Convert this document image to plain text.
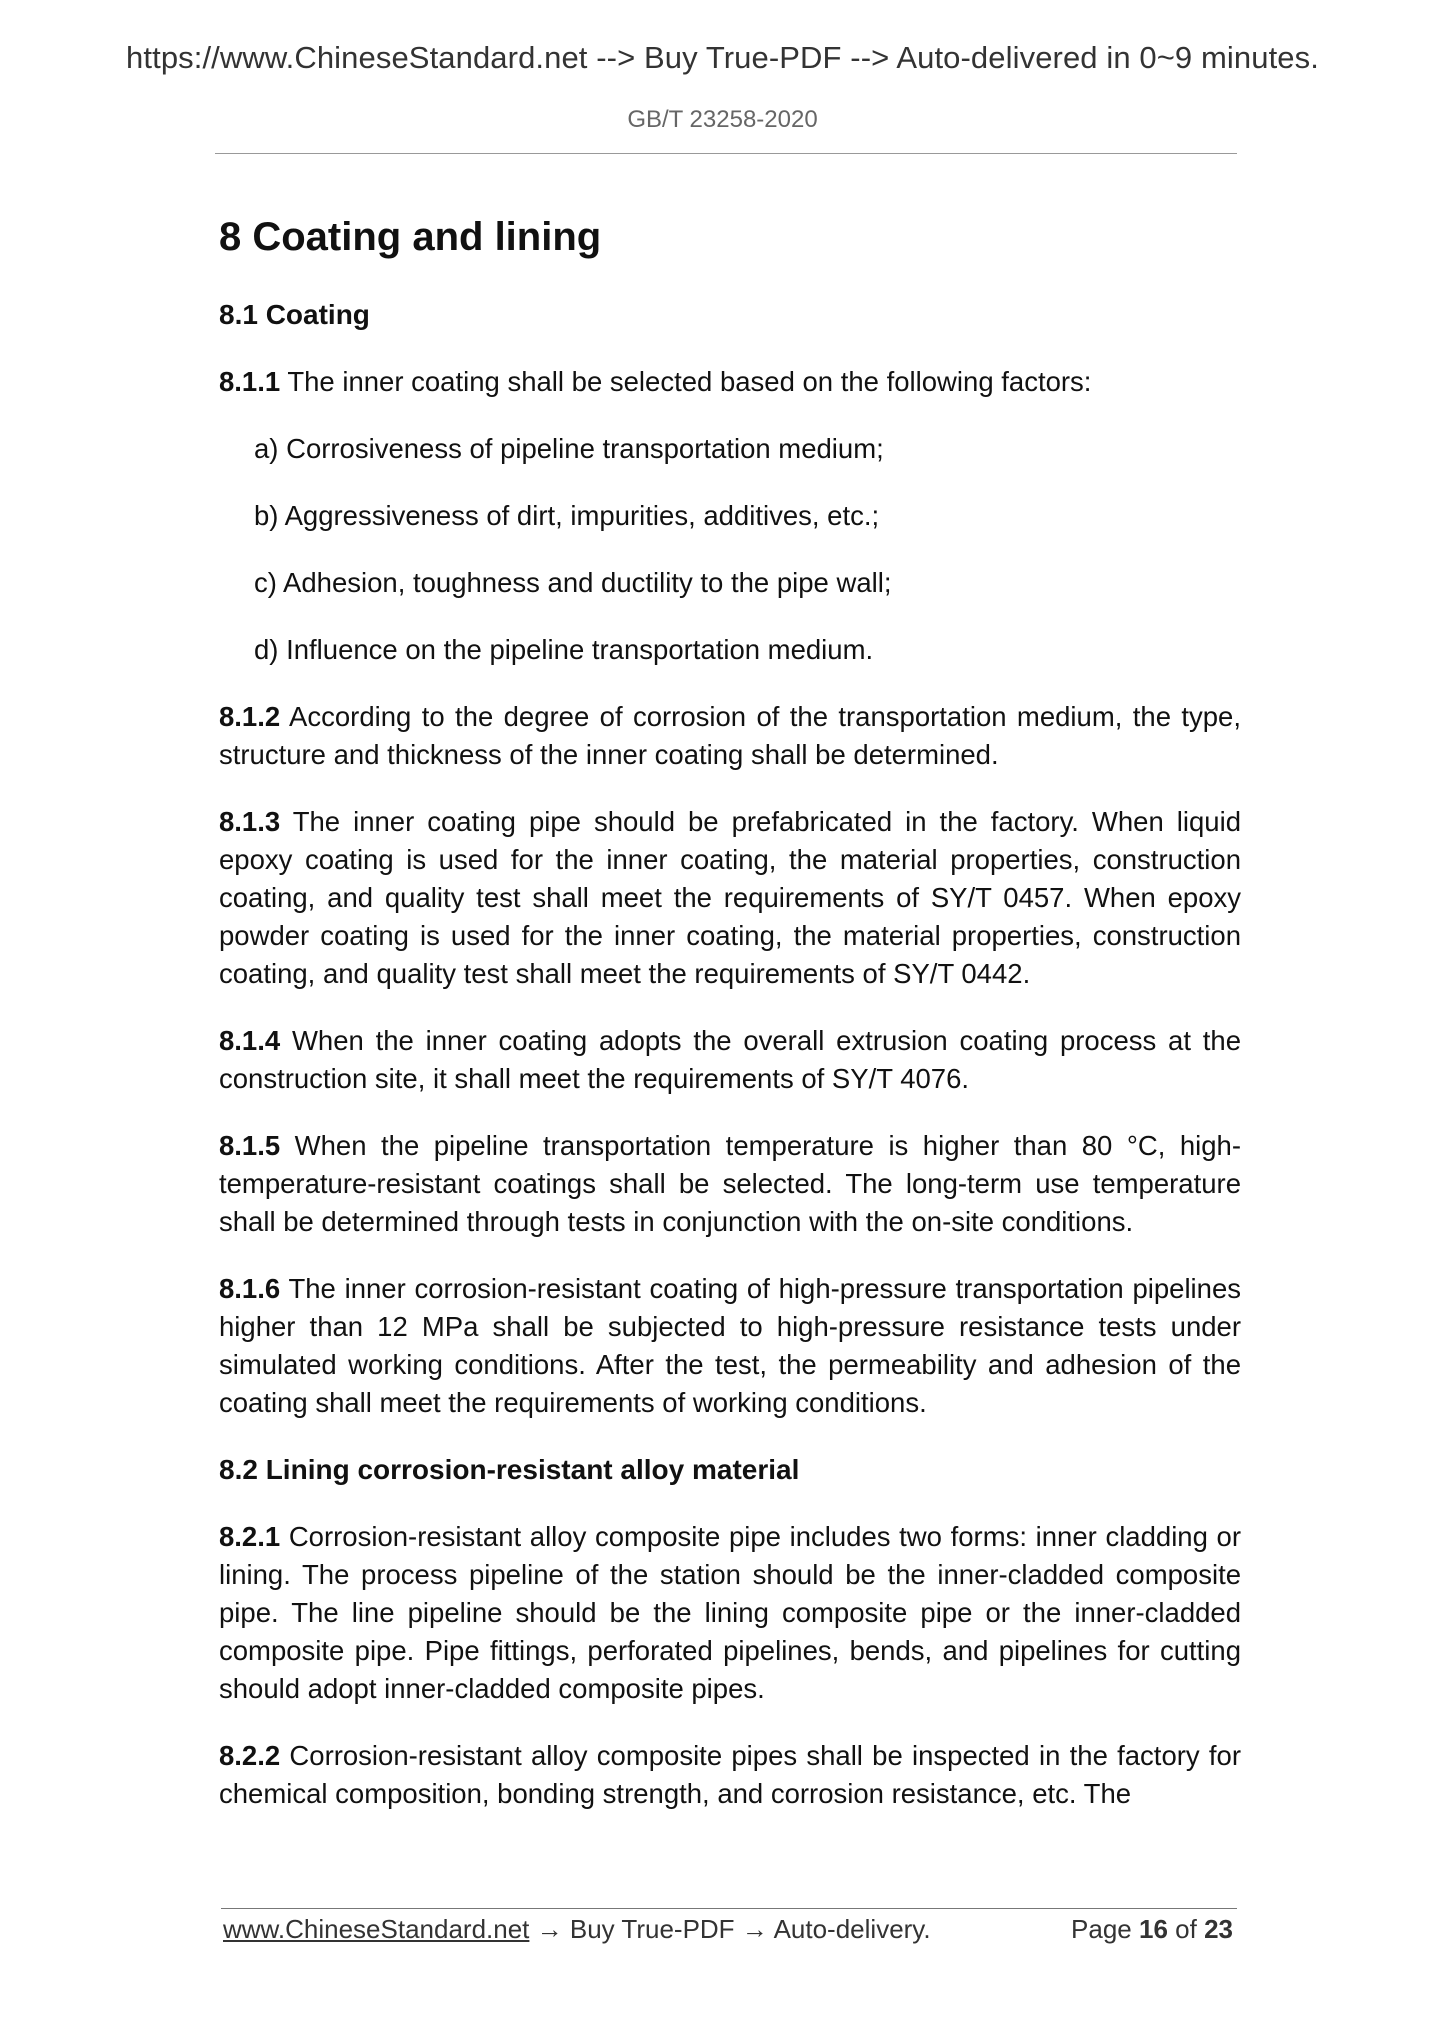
https://www.ChineseStandard.net --> Buy True-PDF --> Auto-delivered in 0~9 minutes.
GB/T 23258-2020
8 Coating and lining
8.1 Coating

8.1.1 The inner coating shall be selected based on the following factors:

a) Corrosiveness of pipeline transportation medium;

b) Aggressiveness of dirt, impurities, additives, etc.;

c) Adhesion, toughness and ductility to the pipe wall;

d) Influence on the pipeline transportation medium.

8.1.2 According to the degree of corrosion of the transportation medium, the type, structure and thickness of the inner coating shall be determined.

8.1.3 The inner coating pipe should be prefabricated in the factory. When liquid epoxy coating is used for the inner coating, the material properties, construction coating, and quality test shall meet the requirements of SY/T 0457. When epoxy powder coating is used for the inner coating, the material properties, construction coating, and quality test shall meet the requirements of SY/T 0442.

8.1.4 When the inner coating adopts the overall extrusion coating process at the construction site, it shall meet the requirements of SY/T 4076.

8.1.5 When the pipeline transportation temperature is higher than 80 °C, high-temperature-resistant coatings shall be selected. The long-term use temperature shall be determined through tests in conjunction with the on-site conditions.

8.1.6 The inner corrosion-resistant coating of high-pressure transportation pipelines higher than 12 MPa shall be subjected to high-pressure resistance tests under simulated working conditions. After the test, the permeability and adhesion of the coating shall meet the requirements of working conditions.

8.2 Lining corrosion-resistant alloy material

8.2.1 Corrosion-resistant alloy composite pipe includes two forms: inner cladding or lining. The process pipeline of the station should be the inner-cladded composite pipe. The line pipeline should be the lining composite pipe or the inner-cladded composite pipe. Pipe fittings, perforated pipelines, bends, and pipelines for cutting should adopt inner-cladded composite pipes.

8.2.2 Corrosion-resistant alloy composite pipes shall be inspected in the factory for chemical composition, bonding strength, and corrosion resistance, etc. The

www.ChineseStandard.net → Buy True-PDF → Auto-delivery.	Page 16 of 23
